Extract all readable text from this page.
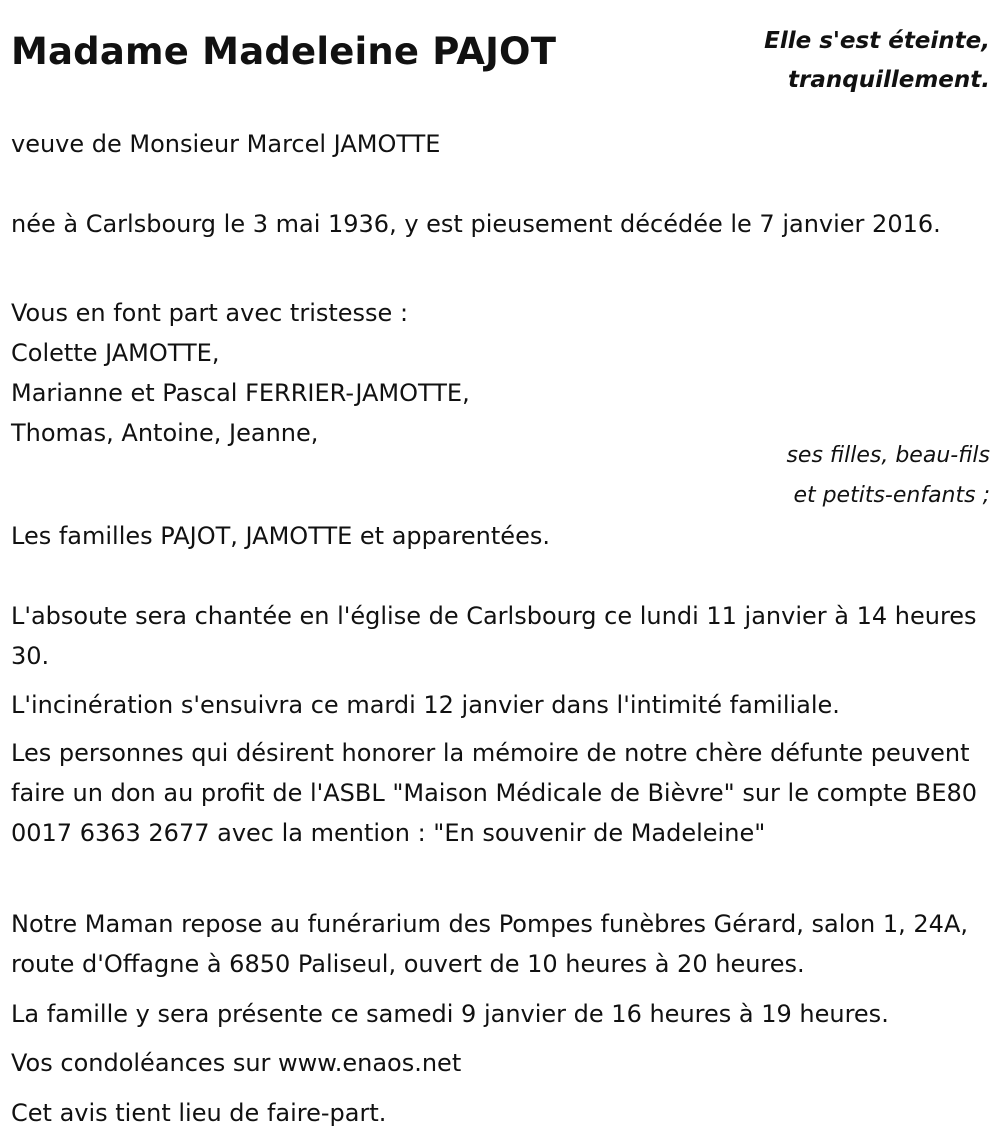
Madame Madeleine PAJOT	Elle s'est éteinte,
tranquillement.
veuve de Monsieur Marcel JAMOTTE
née à Carlsbourg le 3 mai 1936, y est pieusement décédée le 7 janvier 2016.
Vous en font part avec tristesse :
Colette JAMOTTE,
Marianne et Pascal FERRIER-JAMOTTE,
Thomas, Antoine, Jeanne,
ses filles, beau-fils
et petits-enfants ;
Les familles PAJOT, JAMOTTE et apparentées.
L'absoute sera chantée en l'église de Carlsbourg ce lundi 11 janvier à 14 heures 30.
L'incinération s'ensuivra ce mardi 12 janvier dans l'intimité familiale.
Les personnes qui désirent honorer la mémoire de notre chère défunte peuvent faire un don au profit de l'ASBL "Maison Médicale de Bièvre" sur le compte BE80 0017 6363 2677 avec la mention : "En souvenir de Madeleine"
Notre Maman repose au funérarium des Pompes funèbres Gérard, salon 1, 24A, route d'Offagne à 6850 Paliseul, ouvert de 10 heures à 20 heures.
La famille y sera présente ce samedi 9 janvier de 16 heures à 19 heures.
Vos condoléances sur www.enaos.net
Cet avis tient lieu de faire-part.
